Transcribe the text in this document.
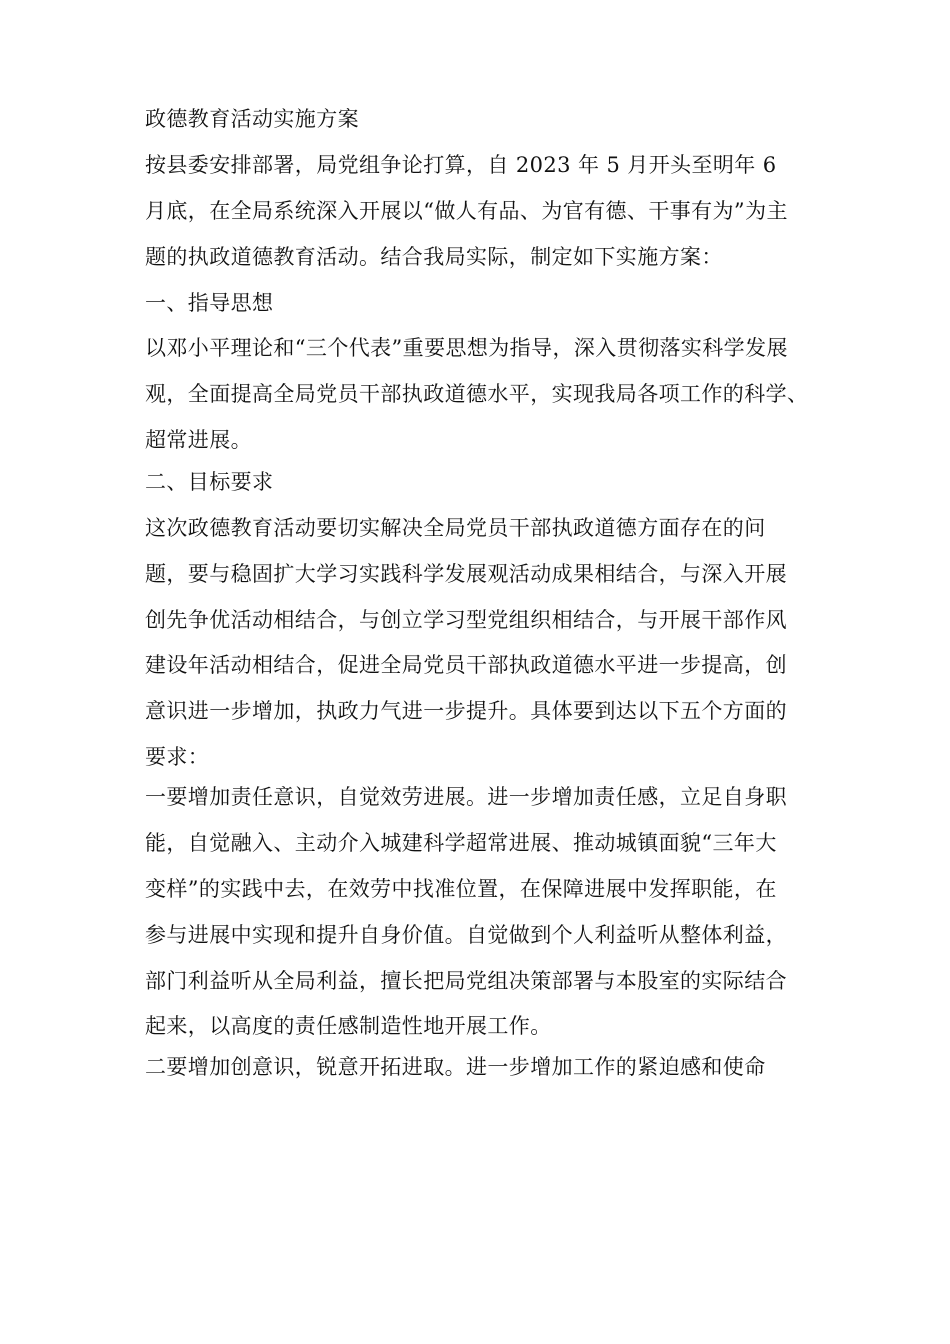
政德教育活动实施方案
按县委安排部署，局党组争论打算，自 2023 年 5 月开头至明年 6
月底，在全局系统深入开展以“做人有品、为官有德、干事有为”为主
题的执政道德教育活动。结合我局实际，制定如下实施方案：
一、指导思想
以邓小平理论和“三个代表”重要思想为指导，深入贯彻落实科学发展
观，全面提高全局党员干部执政道德水平，实现我局各项工作的科学、
超常进展。
二、目标要求
这次政德教育活动要切实解决全局党员干部执政道德方面存在的问
题，要与稳固扩大学习实践科学发展观活动成果相结合，与深入开展
创先争优活动相结合，与创立学习型党组织相结合，与开展干部作风
建设年活动相结合，促进全局党员干部执政道德水平进一步提高，创
意识进一步增加，执政力气进一步提升。具体要到达以下五个方面的
要求：
一要增加责任意识，自觉效劳进展。进一步增加责任感，立足自身职
能，自觉融入、主动介入城建科学超常进展、推动城镇面貌“三年大
变样”的实践中去，在效劳中找准位置，在保障进展中发挥职能，在
参与进展中实现和提升自身价值。自觉做到个人利益听从整体利益，
部门利益听从全局利益，擅长把局党组决策部署与本股室的实际结合
起来，以高度的责任感制造性地开展工作。
二要增加创意识，锐意开拓进取。进一步增加工作的紧迫感和使命
